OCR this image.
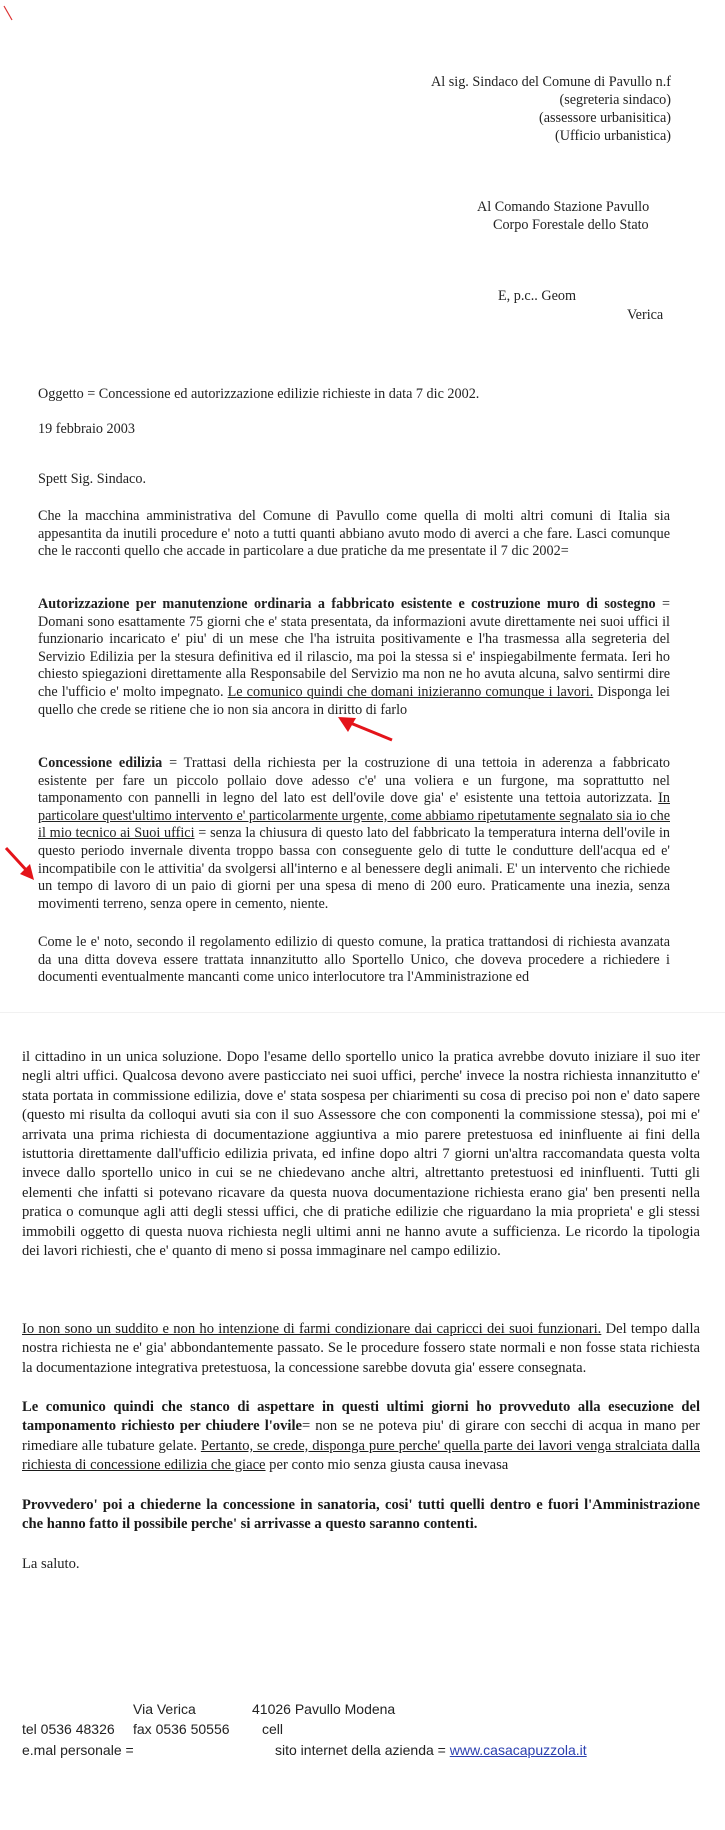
Al sig. Sindaco del Comune di Pavullo n.f
(segreteria sindaco)
(assessore urbanisitica)
(Ufficio urbanistica)
Al Comando Stazione Pavullo
Corpo Forestale dello Stato
E, p.c.. Geom
Verica
Oggetto = Concessione ed autorizzazione edilizie richieste in data 7 dic 2002.
19 febbraio 2003
Spett Sig. Sindaco.
Che la macchina amministrativa del Comune di Pavullo come quella di molti altri comuni di Italia sia appesantita da inutili procedure e' noto a tutti quanti abbiano avuto modo di averci a che fare. Lasci comunque che le racconti quello che accade in particolare a due pratiche da me presentate il 7 dic 2002=
Autorizzazione per manutenzione ordinaria a fabbricato esistente e costruzione muro di sostegno = Domani sono esattamente 75 giorni che e' stata presentata, da informazioni avute direttamente nei suoi uffici il funzionario incaricato e' piu' di un mese che l'ha istruita positivamente e l'ha trasmessa alla segreteria del Servizio Edilizia per la stesura definitiva ed il rilascio, ma poi la stessa si e' inspiegabilmente fermata. Ieri ho chiesto spiegazioni direttamente alla Responsabile del Servizio ma non ne ho avuta alcuna, salvo sentirmi dire che l'ufficio e' molto impegnato. Le comunico quindi che domani inizieranno comunque i lavori. Disponga lei quello che crede se ritiene che io non sia ancora in diritto di farlo
Concessione edilizia = Trattasi della richiesta per la costruzione di una tettoia in aderenza a fabbricato esistente per fare un piccolo pollaio dove adesso c'e' una voliera e un furgone, ma soprattutto nel tamponamento con pannelli in legno del lato est dell'ovile dove gia' e' esistente una tettoia autorizzata. In particolare quest'ultimo intervento e' particolarmente urgente, come abbiamo ripetutamente segnalato sia io che il mio tecnico ai Suoi uffici = senza la chiusura di questo lato del fabbricato la temperatura interna dell'ovile in questo periodo invernale diventa troppo bassa con conseguente gelo di tutte le condutture dell'acqua ed e' incompatibile con le attivitia' da svolgersi all'interno e al benessere degli animali. E' un intervento che richiede un tempo di lavoro di un paio di giorni per una spesa di meno di 200 euro. Praticamente una inezia, senza movimenti terreno, senza opere in cemento, niente.
Come le e' noto, secondo il regolamento edilizio di questo comune, la pratica trattandosi di richiesta avanzata da una ditta doveva essere trattata innanzitutto allo Sportello Unico, che doveva procedere a richiedere i documenti eventualmente mancanti come unico interlocutore tra l'Amministrazione ed
il cittadino in un unica soluzione. Dopo l'esame dello sportello unico la pratica avrebbe dovuto iniziare il suo iter negli altri uffici. Qualcosa devono avere pasticciato nei suoi uffici, perche' invece la nostra richiesta innanzitutto e' stata portata in commissione edilizia, dove e' stata sospesa per chiarimenti su cosa di preciso poi non e' dato sapere (questo mi risulta da colloqui avuti sia con il suo Assessore che con componenti la commissione stessa), poi mi e' arrivata una prima richiesta di documentazione aggiuntiva a mio parere pretestuosa ed ininfluente ai fini della istuttoria direttamente dall'ufficio edilizia privata, ed infine dopo altri 7 giorni un'altra raccomandata questa volta invece dallo sportello unico in cui se ne chiedevano anche altri, altrettanto pretestuosi ed ininfluenti. Tutti gli elementi che infatti si potevano ricavare da questa nuova documentazione richiesta erano gia' ben presenti nella pratica o comunque agli atti degli stessi uffici, che di pratiche edilizie che riguardano la mia proprieta' e gli stessi immobili oggetto di questa nuova richiesta negli ultimi anni ne hanno avute a sufficienza. Le ricordo la tipologia dei lavori richiesti, che e' quanto di meno si possa immaginare nel campo edilizio.
Io non sono un suddito e non ho intenzione di farmi condizionare dai capricci dei suoi funzionari. Del tempo dalla nostra richiesta ne e' gia' abbondantemente passato. Se le procedure fossero state normali e non fosse stata richiesta la documentazione integrativa pretestuosa, la concessione sarebbe dovuta gia' essere consegnata.
Le comunico quindi che stanco di aspettare in questi ultimi giorni ho provveduto alla esecuzione del tamponamento richiesto per chiudere l'ovile= non se ne poteva piu' di girare con secchi di acqua in mano per rimediare alle tubature gelate. Pertanto, se crede, disponga pure perche' quella parte dei lavori venga stralciata dalla richiesta di concessione edilizia che giace per conto mio senza giusta causa inevasa
Provvedero' poi a chiederne la concessione in sanatoria, cosi' tutti quelli dentro e fuori l'Amministrazione che hanno fatto il possibile perche' si arrivasse a questo saranno contenti.
La saluto.
Via Verica	41026 Pavullo Modena
tel 0536 48326 fax 0536 50556 cell
e.mal personale =	sito internet della azienda = www.casacapuzzola.it
